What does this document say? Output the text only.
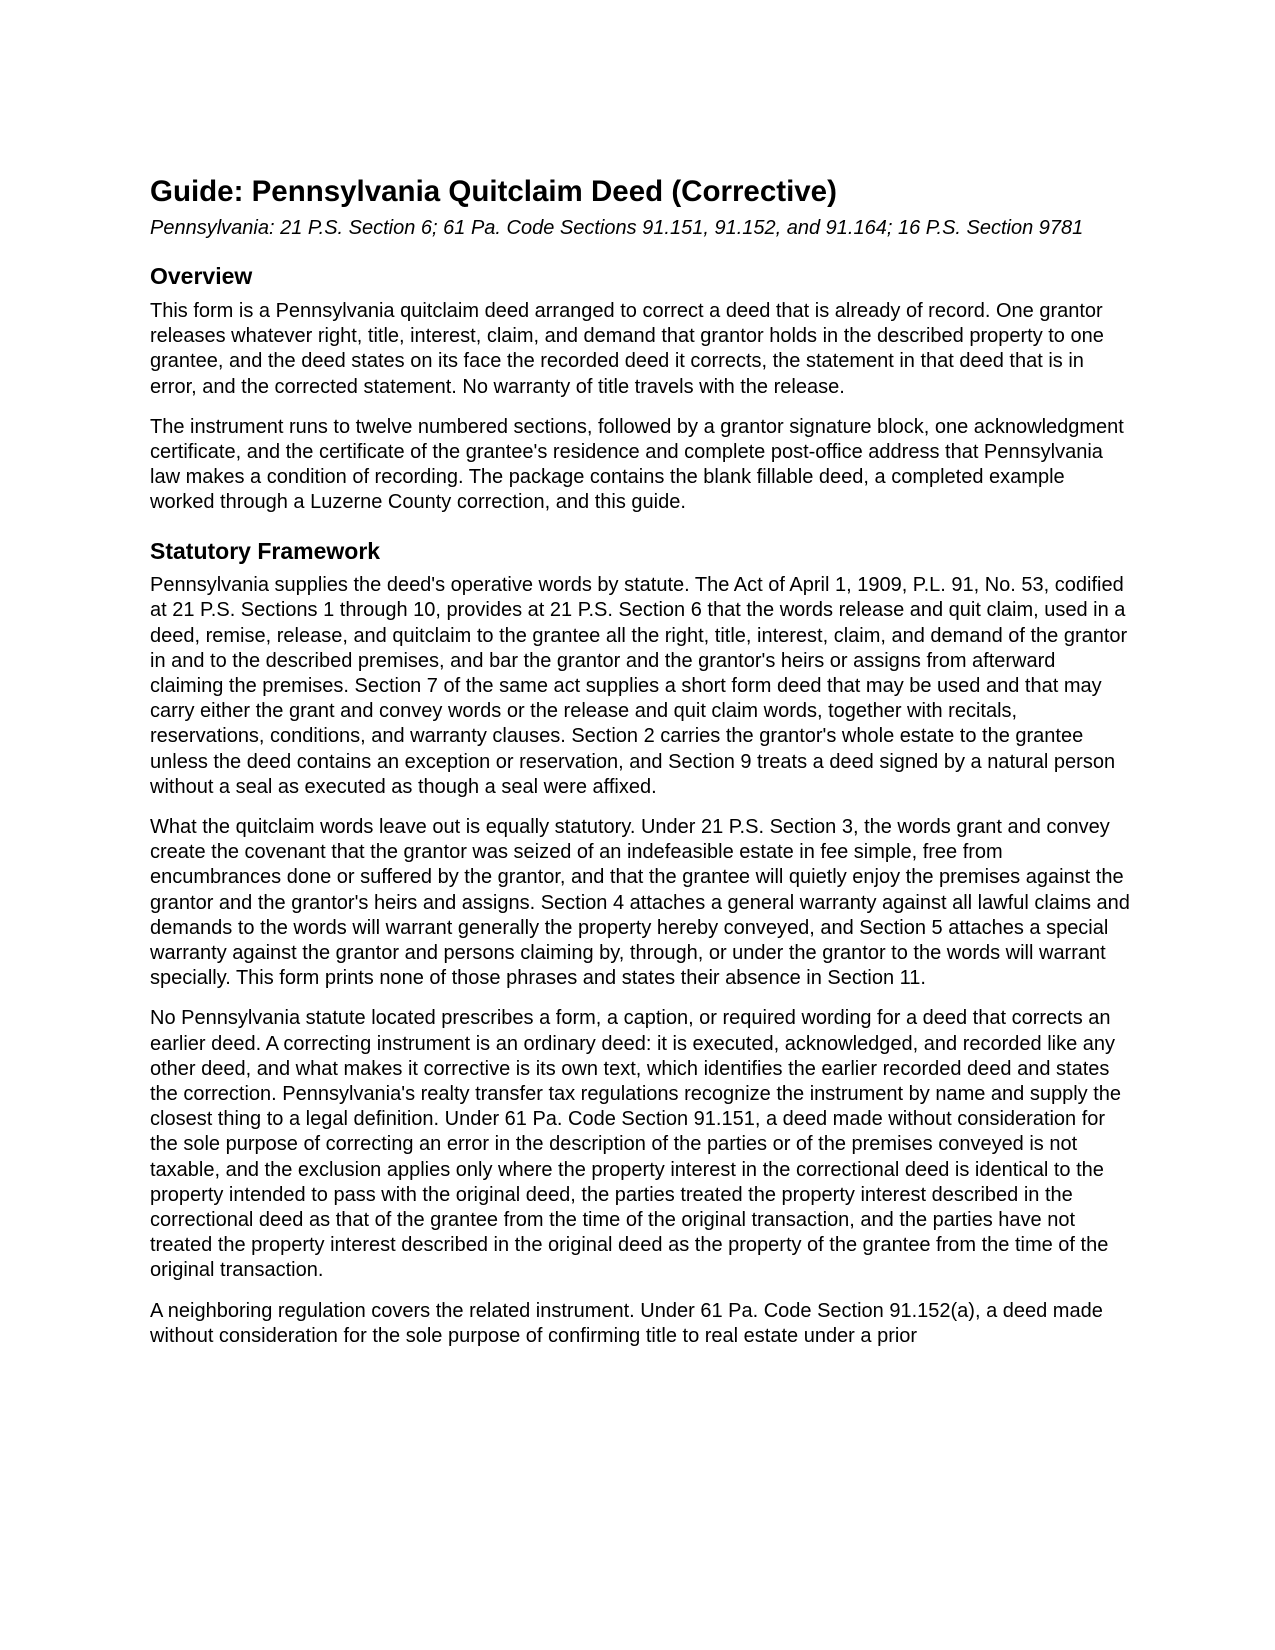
Guide: Pennsylvania Quitclaim Deed (Corrective)

Pennsylvania: 21 P.S. Section 6; 61 Pa. Code Sections 91.151, 91.152, and 91.164; 16 P.S. Section 9781

Overview

This form is a Pennsylvania quitclaim deed arranged to correct a deed that is already of record. One grantor releases whatever right, title, interest, claim, and demand that grantor holds in the described property to one grantee, and the deed states on its face the recorded deed it corrects, the statement in that deed that is in error, and the corrected statement. No warranty of title travels with the release.

The instrument runs to twelve numbered sections, followed by a grantor signature block, one acknowledgment certificate, and the certificate of the grantee's residence and complete post-office address that Pennsylvania law makes a condition of recording. The package contains the blank fillable deed, a completed example worked through a Luzerne County correction, and this guide.

Statutory Framework

Pennsylvania supplies the deed's operative words by statute. The Act of April 1, 1909, P.L. 91, No. 53, codified at 21 P.S. Sections 1 through 10, provides at 21 P.S. Section 6 that the words release and quit claim, used in a deed, remise, release, and quitclaim to the grantee all the right, title, interest, claim, and demand of the grantor in and to the described premises, and bar the grantor and the grantor's heirs or assigns from afterward claiming the premises. Section 7 of the same act supplies a short form deed that may be used and that may carry either the grant and convey words or the release and quit claim words, together with recitals, reservations, conditions, and warranty clauses. Section 2 carries the grantor's whole estate to the grantee unless the deed contains an exception or reservation, and Section 9 treats a deed signed by a natural person without a seal as executed as though a seal were affixed.

What the quitclaim words leave out is equally statutory. Under 21 P.S. Section 3, the words grant and convey create the covenant that the grantor was seized of an indefeasible estate in fee simple, free from encumbrances done or suffered by the grantor, and that the grantee will quietly enjoy the premises against the grantor and the grantor's heirs and assigns. Section 4 attaches a general warranty against all lawful claims and demands to the words will warrant generally the property hereby conveyed, and Section 5 attaches a special warranty against the grantor and persons claiming by, through, or under the grantor to the words will warrant specially. This form prints none of those phrases and states their absence in Section 11.

No Pennsylvania statute located prescribes a form, a caption, or required wording for a deed that corrects an earlier deed. A correcting instrument is an ordinary deed: it is executed, acknowledged, and recorded like any other deed, and what makes it corrective is its own text, which identifies the earlier recorded deed and states the correction. Pennsylvania's realty transfer tax regulations recognize the instrument by name and supply the closest thing to a legal definition. Under 61 Pa. Code Section 91.151, a deed made without consideration for the sole purpose of correcting an error in the description of the parties or of the premises conveyed is not taxable, and the exclusion applies only where the property interest in the correctional deed is identical to the property intended to pass with the original deed, the parties treated the property interest described in the correctional deed as that of the grantee from the time of the original transaction, and the parties have not treated the property interest described in the original deed as the property of the grantee from the time of the original transaction.

A neighboring regulation covers the related instrument. Under 61 Pa. Code Section 91.152(a), a deed made without consideration for the sole purpose of confirming title to real estate under a prior
